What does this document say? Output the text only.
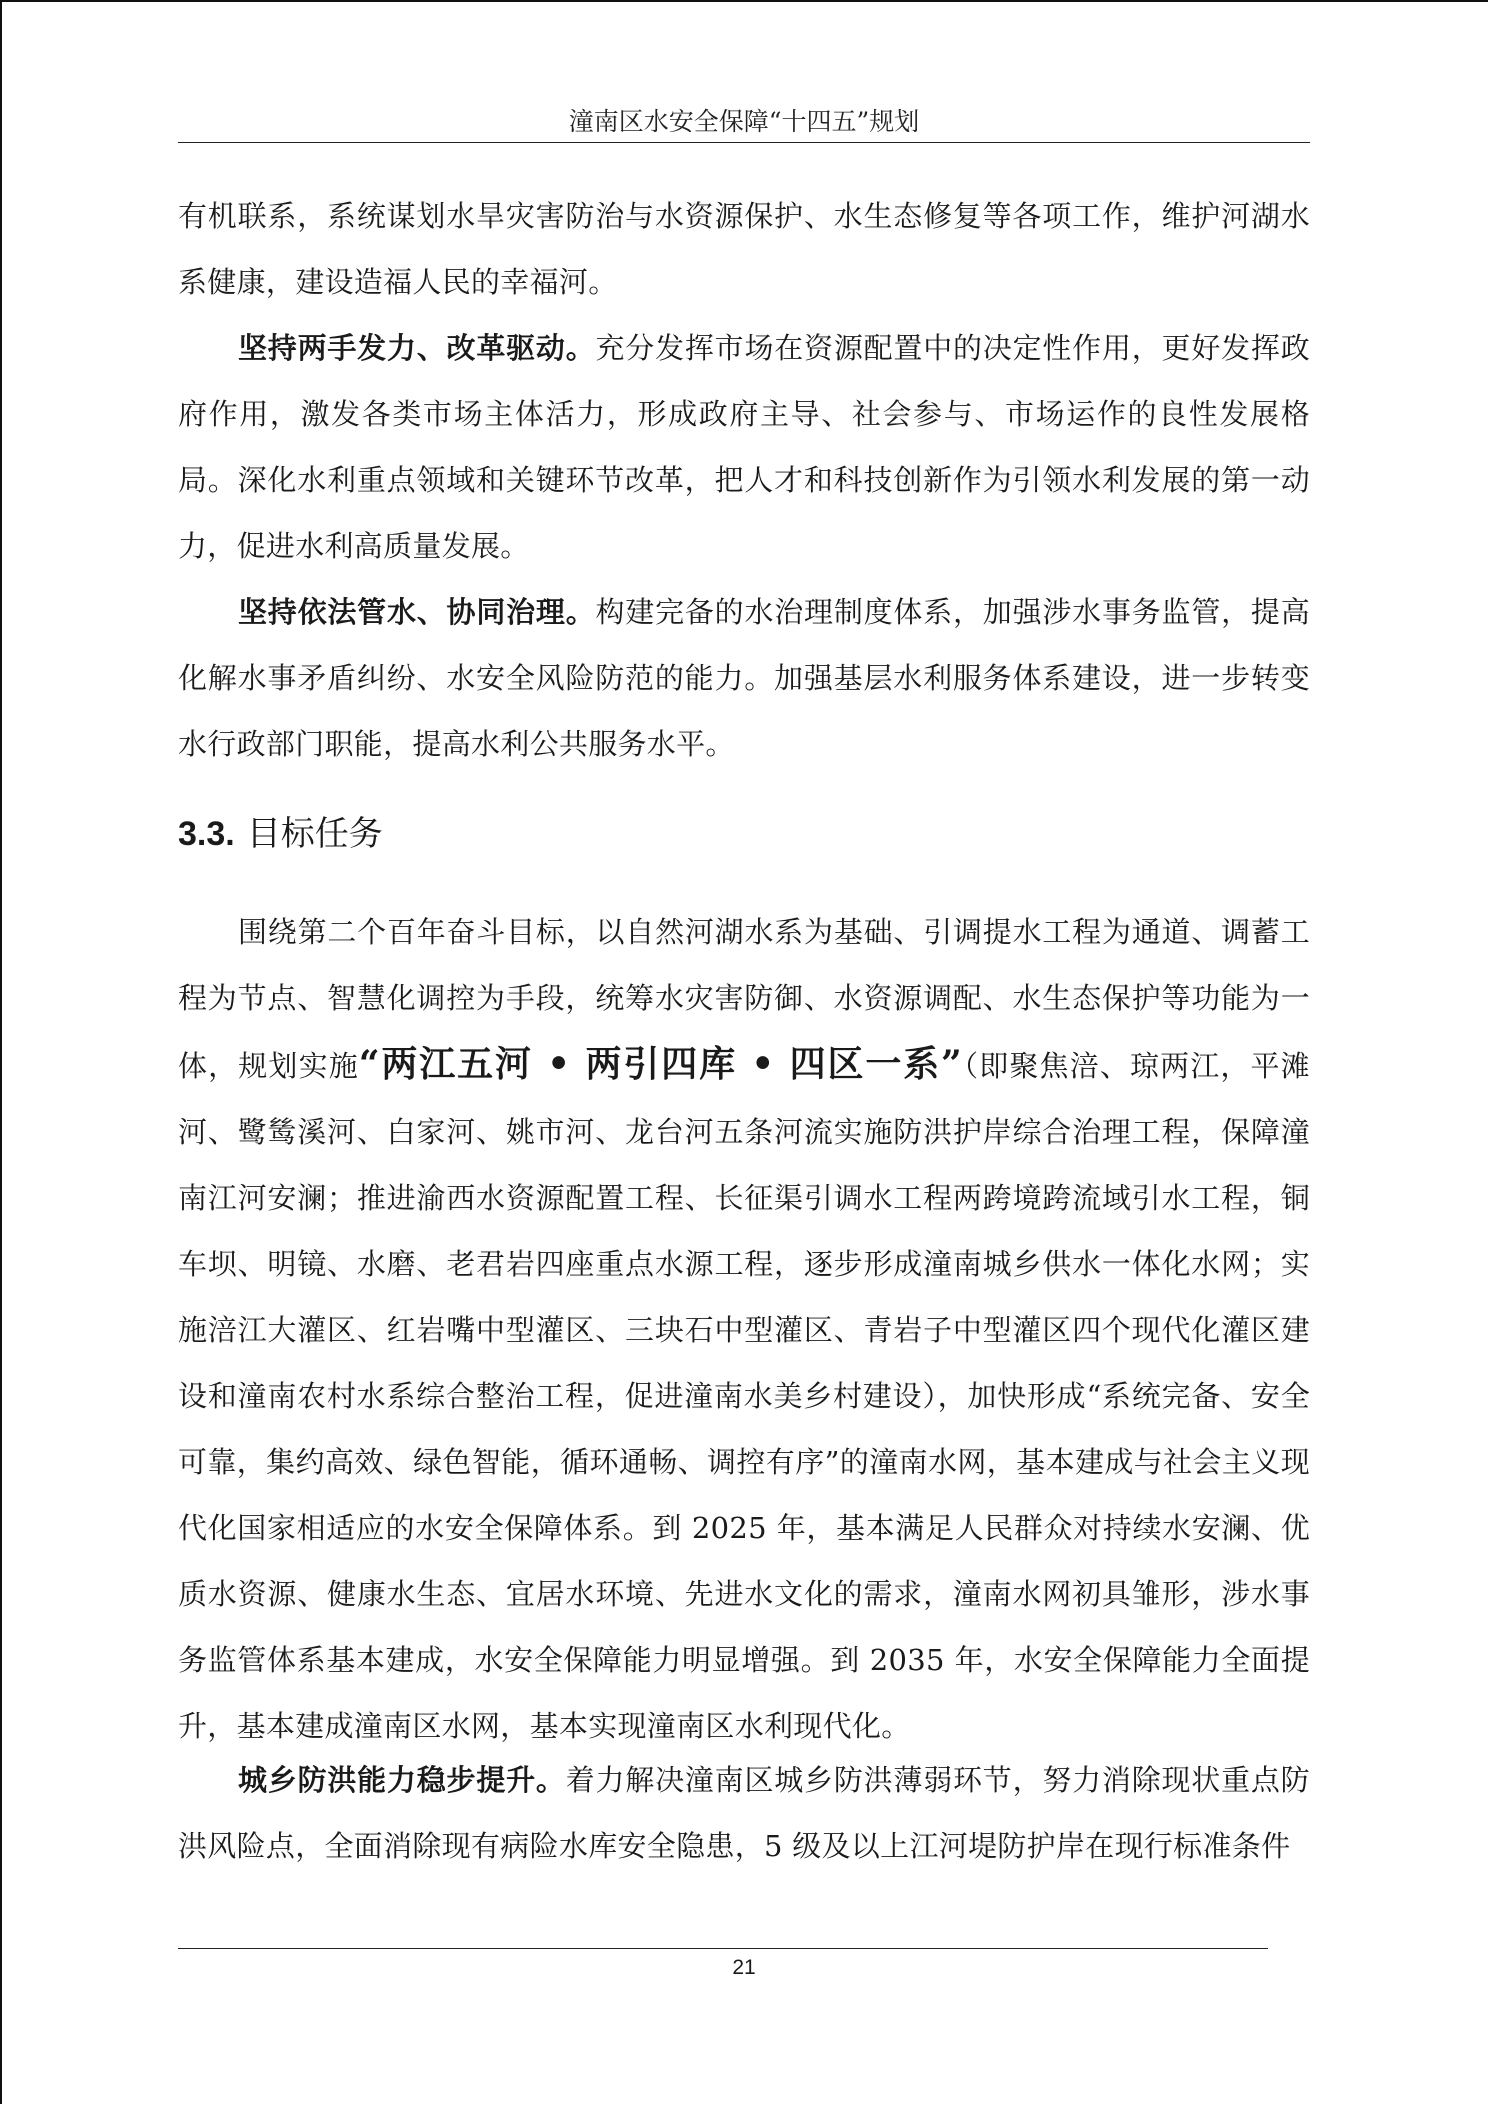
潼南区水安全保障“十四五”规划

有机联系，系统谋划水旱灾害防治与水资源保护、水生态修复等各项工作，维护河湖水系健康，建设造福人民的幸福河。

坚持两手发力、改革驱动。充分发挥市场在资源配置中的决定性作用，更好发挥政府作用，激发各类市场主体活力，形成政府主导、社会参与、市场运作的良性发展格局。深化水利重点领域和关键环节改革，把人才和科技创新作为引领水利发展的第一动力，促进水利高质量发展。

坚持依法管水、协同治理。构建完备的水治理制度体系，加强涉水事务监管，提高化解水事矛盾纠纷、水安全风险防范的能力。加强基层水利服务体系建设，进一步转变水行政部门职能，提高水利公共服务水平。

3.3. 目标任务

围绕第二个百年奋斗目标，以自然河湖水系为基础、引调提水工程为通道、调蓄工程为节点、智慧化调控为手段，统筹水灾害防御、水资源调配、水生态保护等功能为一体，规划实施“两江五河 • 两引四库 • 四区一系”（即聚焦涪、琼两江，平滩河、鹭鸶溪河、白家河、姚市河、龙台河五条河流实施防洪护岸综合治理工程，保障潼南江河安澜；推进渝西水资源配置工程、长征渠引调水工程两跨境跨流域引水工程，铜车坝、明镜、水磨、老君岩四座重点水源工程，逐步形成潼南城乡供水一体化水网；实施涪江大灌区、红岩嘴中型灌区、三块石中型灌区、青岩子中型灌区四个现代化灌区建设和潼南农村水系综合整治工程，促进潼南水美乡村建设），加快形成“系统完备、安全可靠，集约高效、绿色智能，循环通畅、调控有序”的潼南水网，基本建成与社会主义现代化国家相适应的水安全保障体系。到 2025 年，基本满足人民群众对持续水安澜、优质水资源、健康水生态、宜居水环境、先进水文化的需求，潼南水网初具雏形，涉水事务监管体系基本建成，水安全保障能力明显增强。到 2035 年，水安全保障能力全面提升，基本建成潼南区水网，基本实现潼南区水利现代化。

城乡防洪能力稳步提升。着力解决潼南区城乡防洪薄弱环节，努力消除现状重点防洪风险点，全面消除现有病险水库安全隐患，5 级及以上江河堤防护岸在现行标准条件

21
